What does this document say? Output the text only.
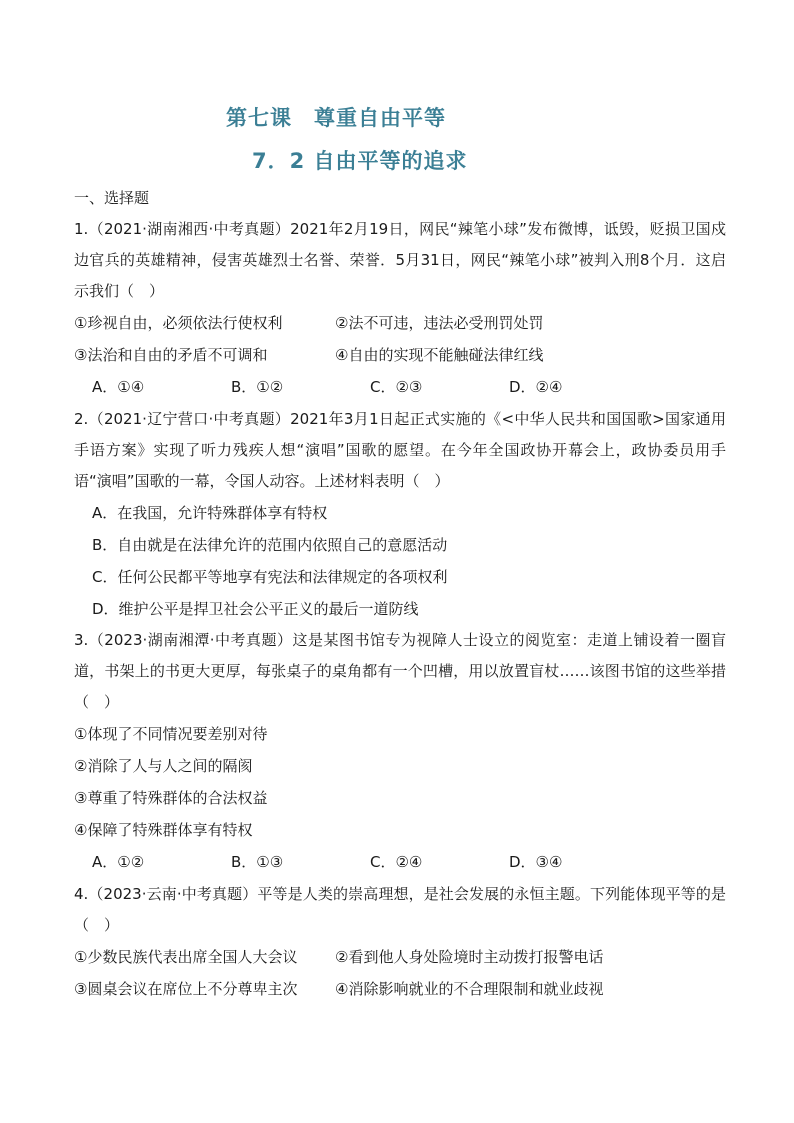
第七课　尊重自由平等
7．2 自由平等的追求
一、选择题

1.（2021·湖南湘西·中考真题）2021年2月19日，网民“辣笔小球”发布微博，诋毁，贬损卫国戍边官兵的英雄精神，侵害英雄烈士名誉、荣誉．5月31日，网民“辣笔小球”被判入刑8个月．这启示我们（　）

①珍视自由，必须依法行使权利	②法不可违，违法必受刑罚处罚

③法治和自由的矛盾不可调和	④自由的实现不能触碰法律红线

A．①④	B．①②	C．②③	D．②④

2.（2021·辽宁营口·中考真题）2021年3月1日起正式实施的《<中华人民共和国国歌>国家通用手语方案》实现了听力残疾人想“演唱”国歌的愿望。在今年全国政协开幕会上，政协委员用手语“演唱”国歌的一幕，令国人动容。上述材料表明（　）

A．在我国，允许特殊群体享有特权

B．自由就是在法律允许的范围内依照自己的意愿活动

C．任何公民都平等地享有宪法和法律规定的各项权利

D．维护公平是捍卫社会公平正义的最后一道防线

3.（2023·湖南湘潭·中考真题）这是某图书馆专为视障人士设立的阅览室：走道上铺设着一圈盲道，书架上的书更大更厚，每张桌子的桌角都有一个凹槽，用以放置盲杖……该图书馆的这些举措（　）

①体现了不同情况要差别对待

②消除了人与人之间的隔阂

③尊重了特殊群体的合法权益

④保障了特殊群体享有特权

A．①②	B．①③	C．②④	D．③④

4.（2023·云南·中考真题）平等是人类的崇高理想，是社会发展的永恒主题。下列能体现平等的是（　）

①少数民族代表出席全国人大会议	②看到他人身处险境时主动拨打报警电话

③圆桌会议在席位上不分尊卑主次	④消除影响就业的不合理限制和就业歧视
